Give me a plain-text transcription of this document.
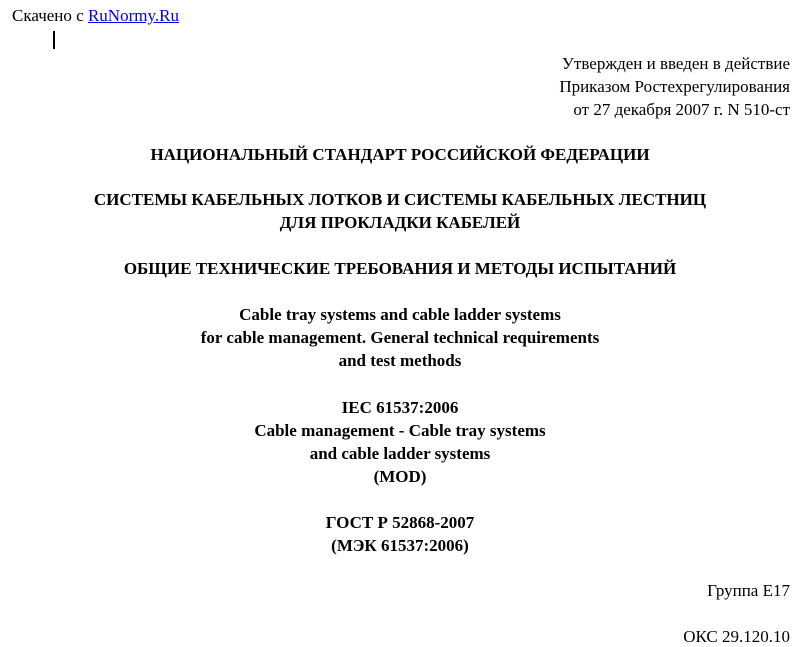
Скачено с RuNormy.Ru
Утвержден и введен в действие
Приказом Ростехрегулирования
от 27 декабря 2007 г. N 510-ст
НАЦИОНАЛЬНЫЙ СТАНДАРТ РОССИЙСКОЙ ФЕДЕРАЦИИ
СИСТЕМЫ КАБЕЛЬНЫХ ЛОТКОВ И СИСТЕМЫ КАБЕЛЬНЫХ ЛЕСТНИЦ
ДЛЯ ПРОКЛАДКИ КАБЕЛЕЙ
ОБЩИЕ ТЕХНИЧЕСКИЕ ТРЕБОВАНИЯ И МЕТОДЫ ИСПЫТАНИЙ
Cable tray systems and cable ladder systems
for cable management. General technical requirements
and test methods
IEC 61537:2006
Cable management - Cable tray systems
and cable ladder systems
(MOD)
ГОСТ Р 52868-2007
(МЭК 61537:2006)
Группа Е17
ОКС 29.120.10
